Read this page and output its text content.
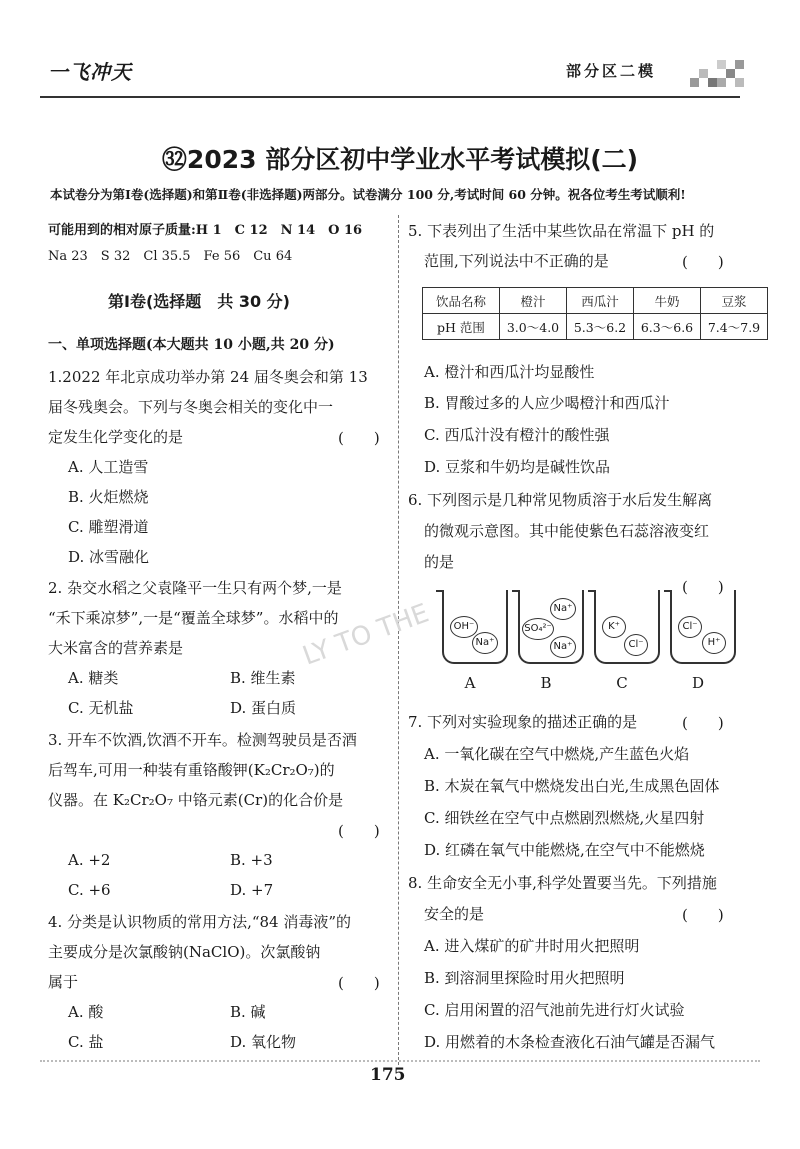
一飞冲天	部分区二模
㉜2023 部分区初中学业水平考试模拟(二)
本试卷分为第Ⅰ卷(选择题)和第Ⅱ卷(非选择题)两部分。试卷满分 100 分,考试时间 60 分钟。祝各位考生考试顺利!
LY TO THE
可能用到的相对原子质量:H 1　C 12　N 14　O 16
Na 23　S 32　Cl 35.5　Fe 56　Cu 64
第Ⅰ卷(选择题　共 30 分)
一、单项选择题(本大题共 10 小题,共 20 分)
1.2022 年北京成功举办第 24 届冬奥会和第 13
届冬残奥会。下列与冬奥会相关的变化中一
定发生化学变化的是	(　　)
A. 人工造雪
B. 火炬燃烧
C. 雕塑滑道
D. 冰雪融化
2. 杂交水稻之父袁隆平一生只有两个梦,一是
“禾下乘凉梦”,一是“覆盖全球梦”。水稻中的
大米富含的营养素是
A. 糖类	B. 维生素
C. 无机盐	D. 蛋白质
3. 开车不饮酒,饮酒不开车。检测驾驶员是否酒
后驾车,可用一种装有重铬酸钾(K₂Cr₂O₇)的
仪器。在 K₂Cr₂O₇ 中铬元素(Cr)的化合价是
(　　)
A. +2	B. +3
C. +6	D. +7
4. 分类是认识物质的常用方法,“84 消毒液”的
主要成分是次氯酸钠(NaClO)。次氯酸钠
属于	(　　)
A. 酸	B. 碱
C. 盐	D. 氧化物
5. 下表列出了生活中某些饮品在常温下 pH 的
范围,下列说法中不正确的是	(　　)
饮品名称	橙汁	西瓜汁	牛奶	豆浆
pH 范围	3.0～4.0	5.3～6.2	6.3～6.6	7.4～7.9
A. 橙汁和西瓜汁均显酸性
B. 胃酸过多的人应少喝橙汁和西瓜汁
C. 西瓜汁没有橙汁的酸性强
D. 豆浆和牛奶均是碱性饮品
6. 下列图示是几种常见物质溶于水后发生解离
的微观示意图。其中能使紫色石蕊溶液变红
的是
(　　)
OH⁻
Na⁺
Na⁺
SO₄²⁻
Na⁺
K⁺
Cl⁻
Cl⁻
H⁺
A	B	C	D
7. 下列对实验现象的描述正确的是	(　　)
A. 一氧化碳在空气中燃烧,产生蓝色火焰
B. 木炭在氧气中燃烧发出白光,生成黑色固体
C. 细铁丝在空气中点燃剧烈燃烧,火星四射
D. 红磷在氧气中能燃烧,在空气中不能燃烧
8. 生命安全无小事,科学处置要当先。下列措施
安全的是	(　　)
A. 进入煤矿的矿井时用火把照明
B. 到溶洞里探险时用火把照明
C. 启用闲置的沼气池前先进行灯火试验
D. 用燃着的木条检查液化石油气罐是否漏气
175
